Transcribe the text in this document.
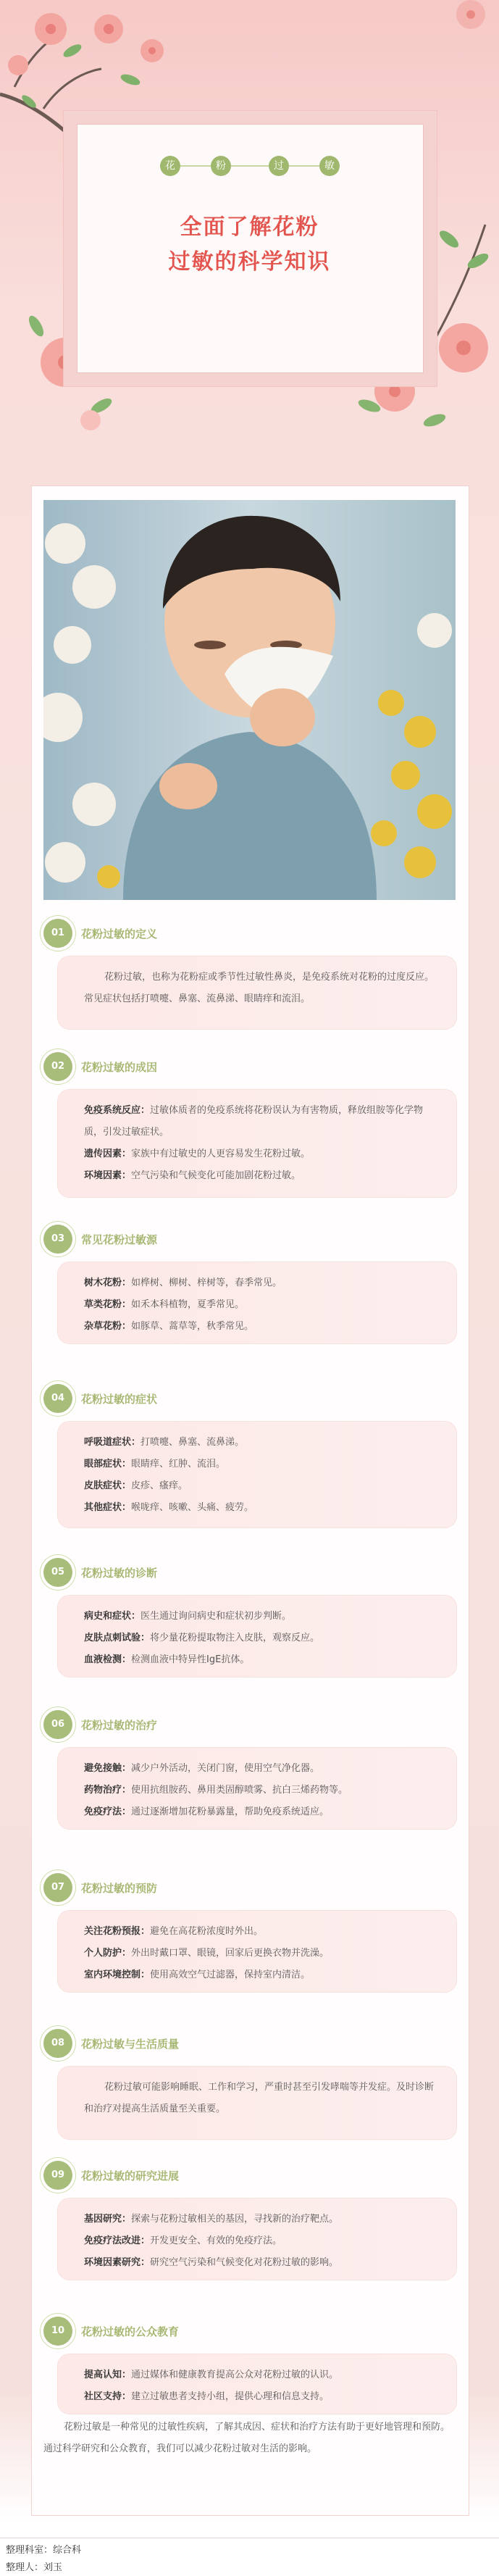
花	粉	过	敏
全面了解花粉
过敏的科学知识
01	花粉过敏的定义

花粉过敏，也称为花粉症或季节性过敏性鼻炎，是免疫系统对花粉的过度反应。常见症状包括打喷嚏、鼻塞、流鼻涕、眼睛痒和流泪。

02	花粉过敏的成因

免疫系统反应：过敏体质者的免疫系统将花粉误认为有害物质，释放组胺等化学物质，引发过敏症状。

遗传因素：家族中有过敏史的人更容易发生花粉过敏。

环境因素：空气污染和气候变化可能加剧花粉过敏。

03	常见花粉过敏源

树木花粉：如桦树、柳树、梓树等，春季常见。

草类花粉：如禾本科植物，夏季常见。

杂草花粉：如豚草、蒿草等，秋季常见。

04	花粉过敏的症状

呼吸道症状：打喷嚏、鼻塞、流鼻涕。

眼部症状：眼睛痒、红肿、流泪。

皮肤症状：皮疹、瘙痒。

其他症状：喉咙痒、咳嗽、头痛、疲劳。

05	花粉过敏的诊断

病史和症状：医生通过询问病史和症状初步判断。

皮肤点刺试验：将少量花粉提取物注入皮肤，观察反应。

血液检测：检测血液中特异性IgE抗体。

06	花粉过敏的治疗

避免接触：减少户外活动，关闭门窗，使用空气净化器。

药物治疗：使用抗组胺药、鼻用类固醇喷雾、抗白三烯药物等。

免疫疗法：通过逐渐增加花粉暴露量，帮助免疫系统适应。

07	花粉过敏的预防

关注花粉预报：避免在高花粉浓度时外出。

个人防护：外出时戴口罩、眼镜，回家后更换衣物并洗澡。

室内环境控制：使用高效空气过滤器，保持室内清洁。

08	花粉过敏与生活质量

花粉过敏可能影响睡眠、工作和学习，严重时甚至引发哮喘等并发症。及时诊断和治疗对提高生活质量至关重要。

09	花粉过敏的研究进展

基因研究：探索与花粉过敏相关的基因，寻找新的治疗靶点。

免疫疗法改进：开发更安全、有效的免疫疗法。

环境因素研究：研究空气污染和气候变化对花粉过敏的影响。

10	花粉过敏的公众教育

提高认知：通过媒体和健康教育提高公众对花粉过敏的认识。

社区支持：建立过敏患者支持小组，提供心理和信息支持。

花粉过敏是一种常见的过敏性疾病，了解其成因、症状和治疗方法有助于更好地管理和预防。通过科学研究和公众教育，我们可以减少花粉过敏对生活的影响。
整理科室：综合科
整理人：刘玉
